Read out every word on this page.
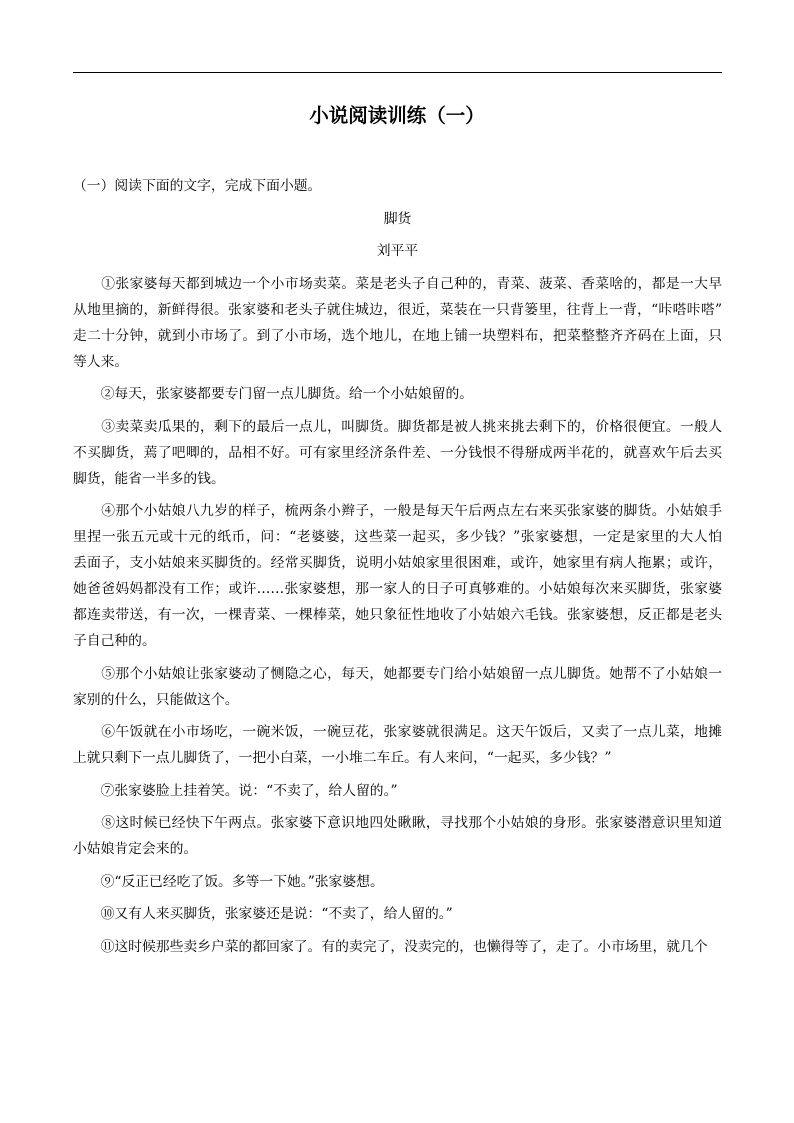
小说阅读训练（一）
（一）阅读下面的文字，完成下面小题。
脚货
刘平平
　　①张家婆每天都到城边一个小市场卖菜。菜是老头子自己种的，青菜、菠菜、香菜啥的，都是一大早
从地里摘的，新鲜得很。张家婆和老头子就住城边，很近，菜装在一只背篓里，往背上一背，“咔嗒咔嗒”
走二十分钟，就到小市场了。到了小市场，选个地儿，在地上铺一块塑料布，把菜整整齐齐码在上面，只
等人来。
　　②每天，张家婆都要专门留一点儿脚货。给一个小姑娘留的。
　　③卖菜卖瓜果的，剩下的最后一点儿，叫脚货。脚货都是被人挑来挑去剩下的，价格很便宜。一般人
不买脚货，蔫了吧唧的，品相不好。可有家里经济条件差、一分钱恨不得掰成两半花的，就喜欢午后去买
脚货，能省一半多的钱。
　　④那个小姑娘八九岁的样子，梳两条小辫子，一般是每天午后两点左右来买张家婆的脚货。小姑娘手
里捏一张五元或十元的纸币，问：“老婆婆，这些菜一起买，多少钱？”张家婆想，一定是家里的大人怕
丢面子，支小姑娘来买脚货的。经常买脚货，说明小姑娘家里很困难，或许，她家里有病人拖累；或许，
她爸爸妈妈都没有工作；或许……张家婆想，那一家人的日子可真够难的。小姑娘每次来买脚货，张家婆
都连卖带送，有一次，一棵青菜、一棵棒菜，她只象征性地收了小姑娘六毛钱。张家婆想，反正都是老头
子自己种的。
　　⑤那个小姑娘让张家婆动了恻隐之心，每天，她都要专门给小姑娘留一点儿脚货。她帮不了小姑娘一
家别的什么，只能做这个。
　　⑥午饭就在小市场吃，一碗米饭，一碗豆花，张家婆就很满足。这天午饭后，又卖了一点儿菜，地摊
上就只剩下一点儿脚货了，一把小白菜，一小堆二车丘。有人来问，“一起买，多少钱？”
　　⑦张家婆脸上挂着笑。说：“不卖了，给人留的。”
　　⑧这时候已经快下午两点。张家婆下意识地四处瞅瞅，寻找那个小姑娘的身形。张家婆潜意识里知道
小姑娘肯定会来的。
　　⑨“反正已经吃了饭。多等一下她。”张家婆想。
　　⑩又有人来买脚货，张家婆还是说：“不卖了，给人留的。”
　　⑪这时候那些卖乡户菜的都回家了。有的卖完了，没卖完的，也懒得等了，走了。小市场里，就几个
